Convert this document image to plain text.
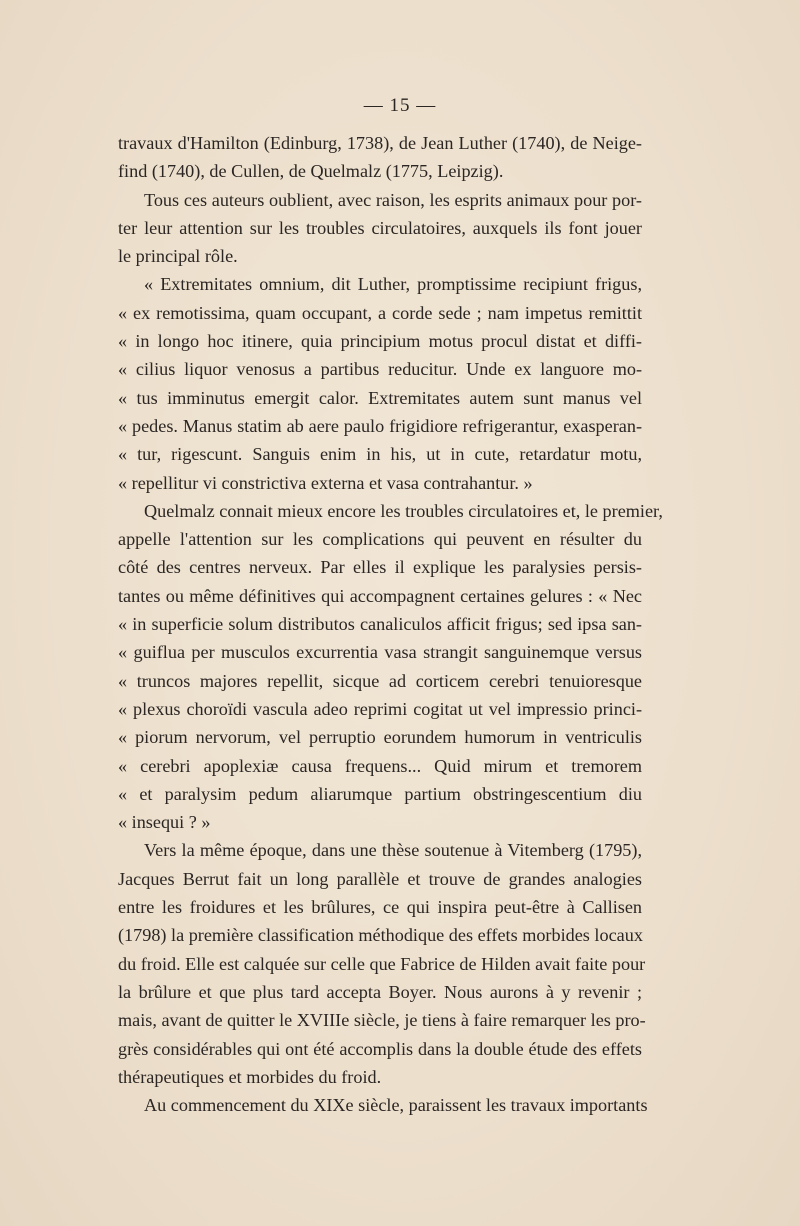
— 15 —
travaux d'Hamilton (Edinburg, 1738), de Jean Luther (1740), de Neige-
find (1740), de Cullen, de Quelmalz (1775, Leipzig).
Tous ces auteurs oublient, avec raison, les esprits animaux pour por-
ter leur attention sur les troubles circulatoires, auxquels ils font jouer
le principal rôle.
« Extremitates omnium, dit Luther, promptissime recipiunt frigus,
« ex remotissima, quam occupant, a corde sede ; nam impetus remittit
« in longo hoc itinere, quia principium motus procul distat et diffi-
« cilius liquor venosus a partibus reducitur. Unde ex languore mo-
« tus imminutus emergit calor. Extremitates autem sunt manus vel
« pedes. Manus statim ab aere paulo frigidiore refrigerantur, exasperan-
« tur, rigescunt. Sanguis enim in his, ut in cute, retardatur motu,
« repellitur vi constrictiva externa et vasa contrahantur. »
Quelmalz connait mieux encore les troubles circulatoires et, le premier,
appelle l'attention sur les complications qui peuvent en résulter du
côté des centres nerveux. Par elles il explique les paralysies persis-
tantes ou même définitives qui accompagnent certaines gelures : « Nec
« in superficie solum distributos canaliculos afficit frigus; sed ipsa san-
« guiflua per musculos excurrentia vasa strangit sanguinemque versus
« truncos majores repellit, sicque ad corticem cerebri tenuioresque
« plexus choroïdi vascula adeo reprimi cogitat ut vel impressio princi-
« piorum nervorum, vel perruptio eorundem humorum in ventriculis
« cerebri apoplexiæ causa frequens... Quid mirum et tremorem
« et paralysim pedum aliarumque partium obstringescentium diu
« insequi ? »
Vers la même époque, dans une thèse soutenue à Vitemberg (1795),
Jacques Berrut fait un long parallèle et trouve de grandes analogies
entre les froidures et les brûlures, ce qui inspira peut-être à Callisen
(1798) la première classification méthodique des effets morbides locaux
du froid. Elle est calquée sur celle que Fabrice de Hilden avait faite pour
la brûlure et que plus tard accepta Boyer. Nous aurons à y revenir ;
mais, avant de quitter le XVIIIe siècle, je tiens à faire remarquer les pro-
grès considérables qui ont été accomplis dans la double étude des effets
thérapeutiques et morbides du froid.
Au commencement du XIXe siècle, paraissent les travaux importants
